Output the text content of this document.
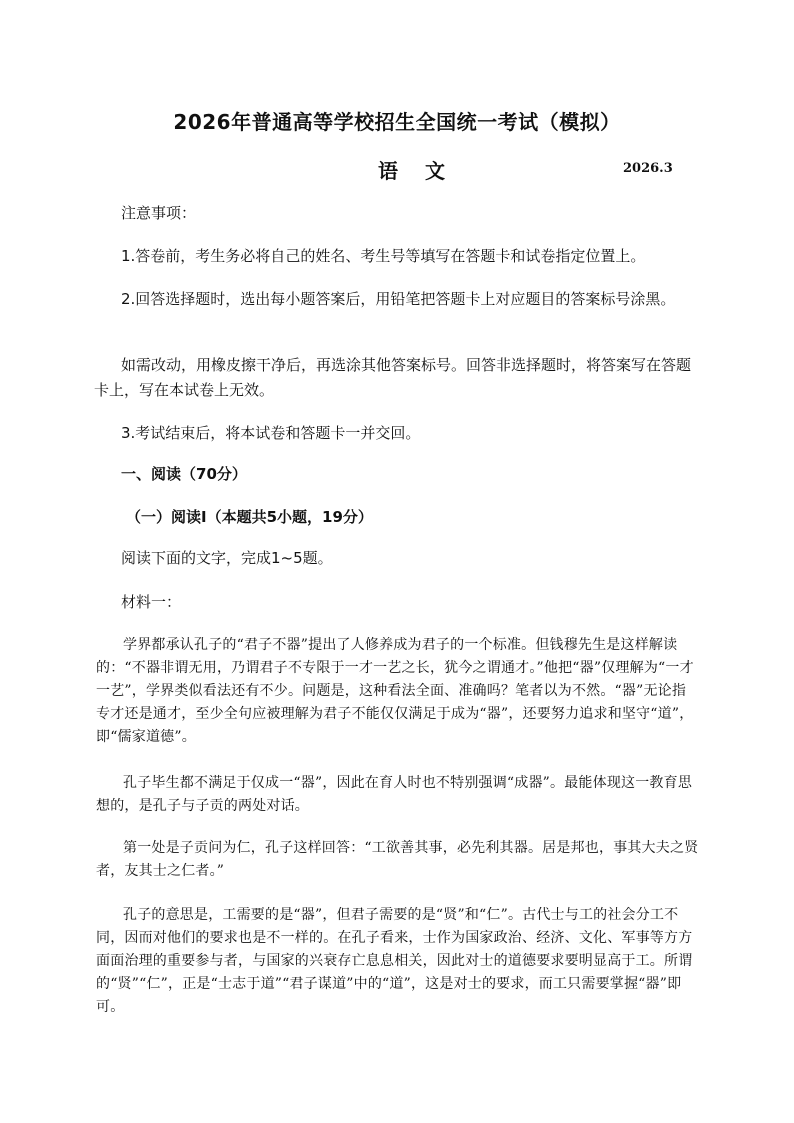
2026年普通高等学校招生全国统一考试（模拟）
语 文	2026.3
注意事项：
1.答卷前，考生务必将自己的姓名、考生号等填写在答题卡和试卷指定位置上。
2.回答选择题时，选出每小题答案后，用铅笔把答题卡上对应题目的答案标号涂黑。
如需改动，用橡皮擦干净后，再选涂其他答案标号。回答非选择题时，将答案写在答题卡上，写在本试卷上无效。
3.考试结束后，将本试卷和答题卡一并交回。
一、阅读（70分）
（一）阅读Ⅰ（本题共5小题，19分）
阅读下面的文字，完成1~5题。
材料一：
学界都承认孔子的“君子不器”提出了人修养成为君子的一个标准。但钱穆先生是这样解读的：“不器非谓无用，乃谓君子不专限于一才一艺之长，犹今之谓通才。”他把“器”仅理解为“一才一艺”，学界类似看法还有不少。问题是，这种看法全面、准确吗？笔者以为不然。“器”无论指专才还是通才，至少全句应被理解为君子不能仅仅满足于成为“器”，还要努力追求和坚守“道”，即“儒家道德”。
孔子毕生都不满足于仅成一“器”，因此在育人时也不特别强调“成器”。最能体现这一教育思想的，是孔子与子贡的两处对话。
第一处是子贡问为仁，孔子这样回答：“工欲善其事，必先利其器。居是邦也，事其大夫之贤者，友其士之仁者。”
孔子的意思是，工需要的是“器”，但君子需要的是“贤”和“仁”。古代士与工的社会分工不同，因而对他们的要求也是不一样的。在孔子看来，士作为国家政治、经济、文化、军事等方方面面治理的重要参与者，与国家的兴衰存亡息息相关，因此对士的道德要求要明显高于工。所谓的“贤”“仁”，正是“士志于道”“君子谋道”中的“道”，这是对士的要求，而工只需要掌握“器”即可。
